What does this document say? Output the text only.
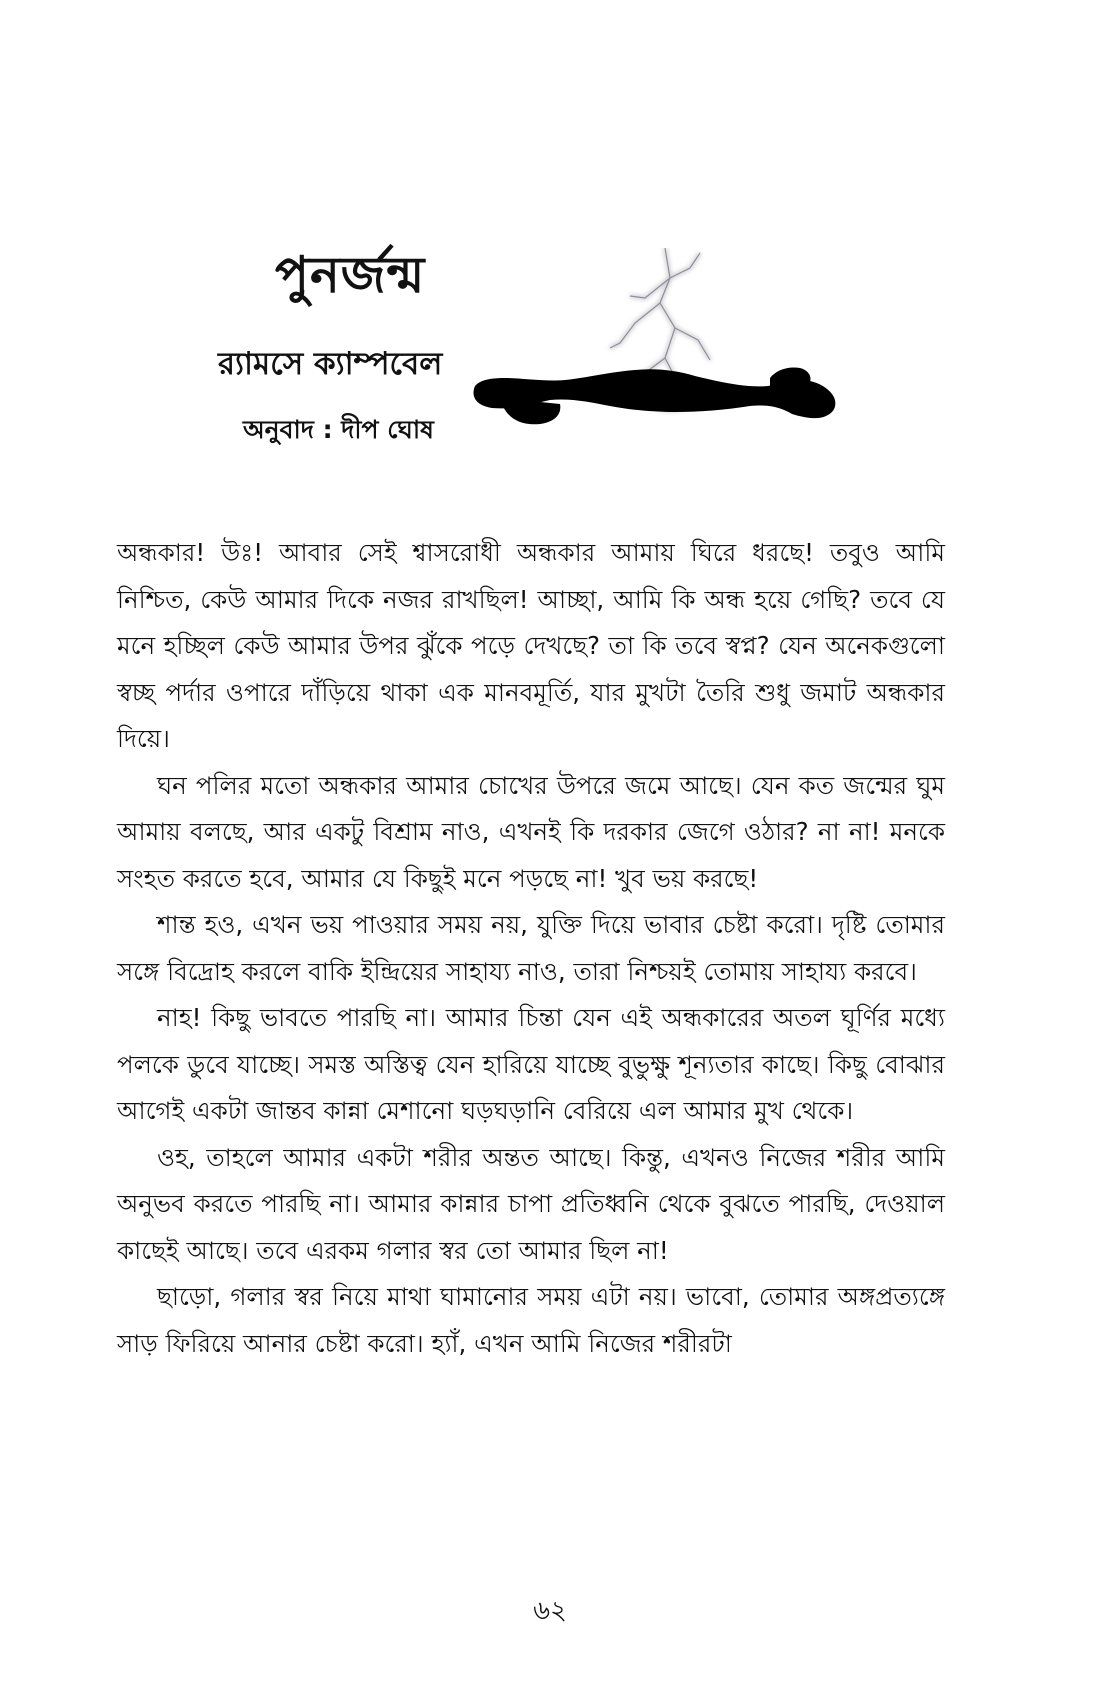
পুনর্জন্ম
র‍্যামসে ক্যাম্পবেল
অনুবাদ : দীপ ঘোষ

অন্ধকার! উঃ! আবার সেই শ্বাসরোধী অন্ধকার আমায় ঘিরে ধরছে! তবুও আমি নিশ্চিত, কেউ আমার দিকে নজর রাখছিল! আচ্ছা, আমি কি অন্ধ হয়ে গেছি? তবে যে মনে হচ্ছিল কেউ আমার উপর ঝুঁকে পড়ে দেখছে? তা কি তবে স্বপ্ন? যেন অনেকগুলো স্বচ্ছ পর্দার ওপারে দাঁড়িয়ে থাকা এক মানবমূর্তি, যার মুখটা তৈরি শুধু জমাট অন্ধকার দিয়ে।

ঘন পলির মতো অন্ধকার আমার চোখের উপরে জমে আছে। যেন কত জন্মের ঘুম আমায় বলছে, আর একটু বিশ্রাম নাও, এখনই কি দরকার জেগে ওঠার? না না! মনকে সংহত করতে হবে, আমার যে কিছুই মনে পড়ছে না! খুব ভয় করছে!

শান্ত হও, এখন ভয় পাওয়ার সময় নয়, যুক্তি দিয়ে ভাবার চেষ্টা করো। দৃষ্টি তোমার সঙ্গে বিদ্রোহ করলে বাকি ইন্দ্রিয়ের সাহায্য নাও, তারা নিশ্চয়ই তোমায় সাহায্য করবে।

নাহ! কিছু ভাবতে পারছি না। আমার চিন্তা যেন এই অন্ধকারের অতল ঘূর্ণির মধ্যে পলকে ডুবে যাচ্ছে। সমস্ত অস্তিত্ব যেন হারিয়ে যাচ্ছে বুভুক্ষু শূন্যতার কাছে। কিছু বোঝার আগেই একটা জান্তব কান্না মেশানো ঘড়ঘড়ানি বেরিয়ে এল আমার মুখ থেকে।

ওহ, তাহলে আমার একটা শরীর অন্তত আছে। কিন্তু, এখনও নিজের শরীর আমি অনুভব করতে পারছি না। আমার কান্নার চাপা প্রতিধ্বনি থেকে বুঝতে পারছি, দেওয়াল কাছেই আছে। তবে এরকম গলার স্বর তো আমার ছিল না!

ছাড়ো, গলার স্বর নিয়ে মাথা ঘামানোর সময় এটা নয়। ভাবো, তোমার অঙ্গপ্রত্যঙ্গে সাড় ফিরিয়ে আনার চেষ্টা করো। হ্যাঁ, এখন আমি নিজের শরীরটা

৬২
